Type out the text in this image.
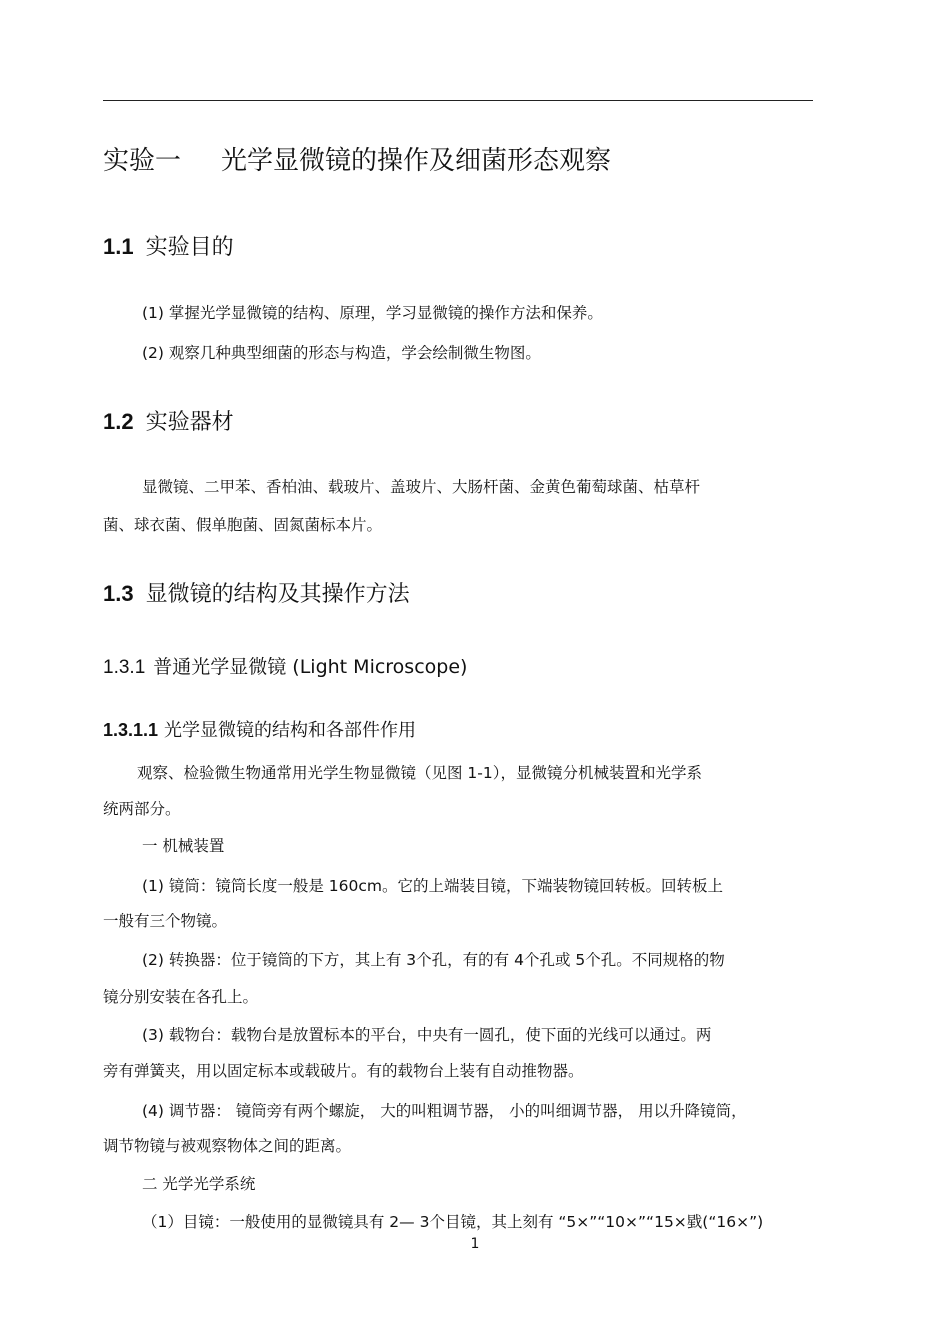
实验一 光学显微镜的操作及细菌形态观察
1.1 实验目的
(1) 掌握光学显微镜的结构、原理，学习显微镜的操作方法和保养。
(2) 观察几种典型细菌的形态与构造，学会绘制微生物图。
1.2 实验器材
显微镜、二甲苯、香柏油、载玻片、盖玻片、大肠杆菌、金黄色葡萄球菌、枯草杆
菌、球衣菌、假单胞菌、固氮菌标本片。
1.3 显微镜的结构及其操作方法
1.3.1 普通光学显微镜 (Light Microscope)
1.3.1.1 光学显微镜的结构和各部件作用
观察、检验微生物通常用光学生物显微镜（见图 1-1），显微镜分机械装置和光学系
统两部分。
一 机械装置
(1) 镜筒：镜筒长度一般是 160cm。它的上端装目镜，下端装物镜回转板。回转板上
一般有三个物镜。
(2) 转换器：位于镜筒的下方，其上有 3个孔，有的有 4个孔或 5个孔。不同规格的物
镜分别安装在各孔上。
(3) 载物台：载物台是放置标本的平台，中央有一圆孔，使下面的光线可以通过。两
旁有弹簧夹，用以固定标本或载破片。有的载物台上装有自动推物器。
(4) 调节器： 镜筒旁有两个螺旋， 大的叫粗调节器， 小的叫细调节器， 用以升降镜筒，
调节物镜与被观察物体之间的距离。
二 光学光学系统
（1）目镜：一般使用的显微镜具有 2— 3个目镜，其上刻有 “5×”“10×”“15×戥(“16×”)
1
